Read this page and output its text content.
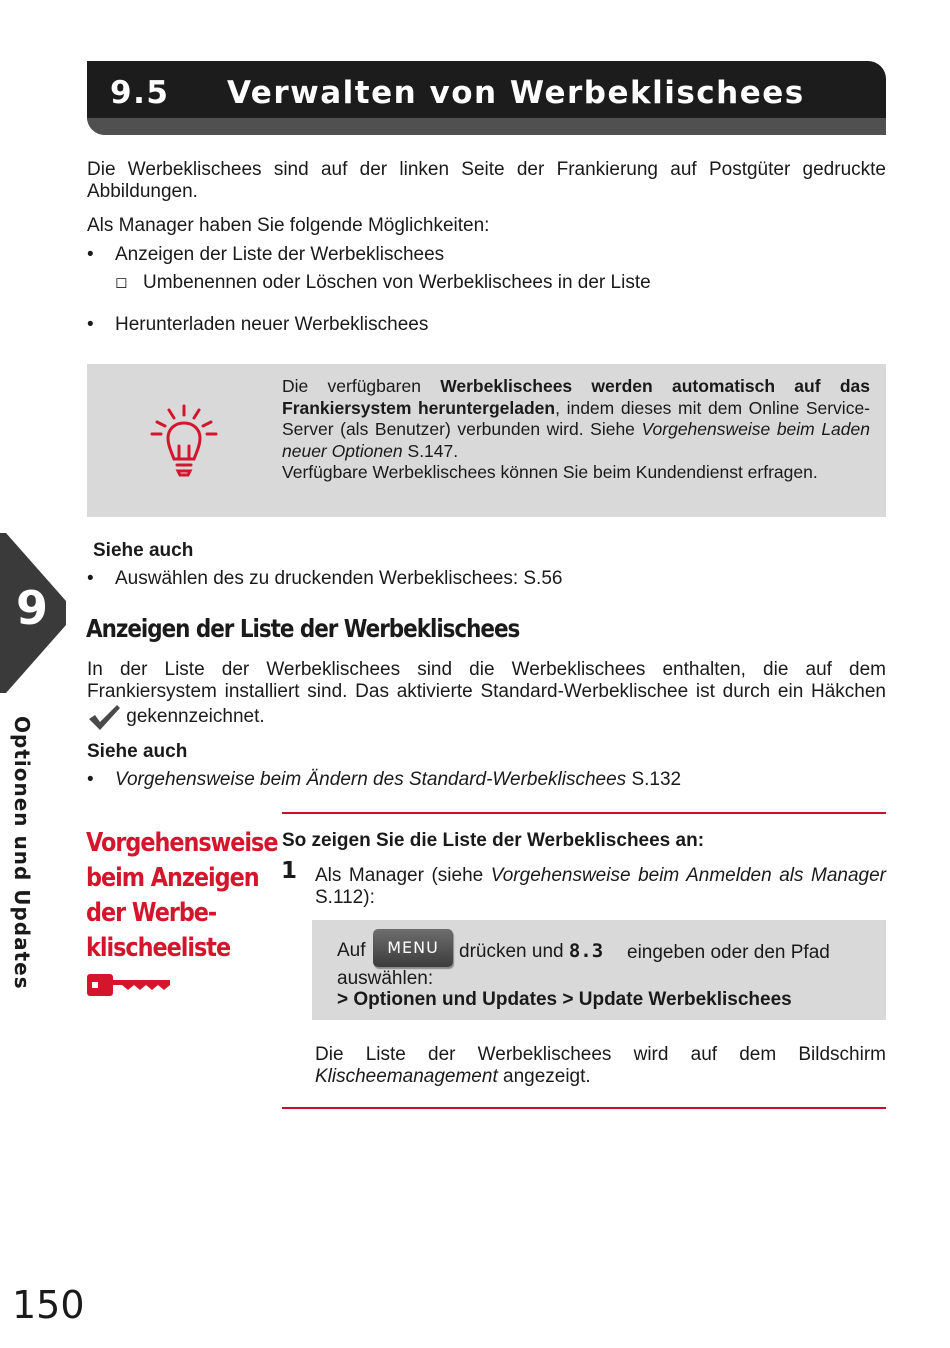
9.5 Verwalten von Werbeklischees

Die Werbeklischees sind auf der linken Seite der Frankierung auf Postgüter gedruckte Abbildungen.

Als Manager haben Sie folgende Möglichkeiten:

• Anzeigen der Liste der Werbeklischees
◻ Umbenennen oder Löschen von Werbeklischees in der Liste
• Herunterladen neuer Werbeklischees
Die verfügbaren Werbeklischees werden automatisch auf das Frankiersystem heruntergeladen, indem dieses mit dem Online Service-Server (als Benutzer) verbunden wird. Siehe Vorgehensweise beim Laden neuer Optionen S.147.
Verfügbare Werbeklischees können Sie beim Kundendienst erfragen.
Siehe auch
• Auswählen des zu druckenden Werbeklischees: S.56
9
Optionen und Updates
Anzeigen der Liste der Werbeklischees

In der Liste der Werbeklischees sind die Werbeklischees enthalten, die auf dem Frankiersystem installiert sind. Das aktivierte Standard-Werbeklischee ist durch ein Häkchen  gekennzeichnet.

Siehe auch
• Vorgehensweise beim Ändern des Standard-Werbeklischees S.132
Vorgehensweise
beim Anzeigen
der Werbe-
klischeeliste
So zeigen Sie die Liste der Werbeklischees an:
1 Als Manager (siehe Vorgehensweise beim Anmelden als Manager S.112):

MENU
Auf	drücken und 8.3	eingeben oder den Pfad auswählen:

> Optionen und Updates > Update Werbeklischees

Die Liste der Werbeklischees wird auf dem Bildschirm Klischeemanagement angezeigt.

150
